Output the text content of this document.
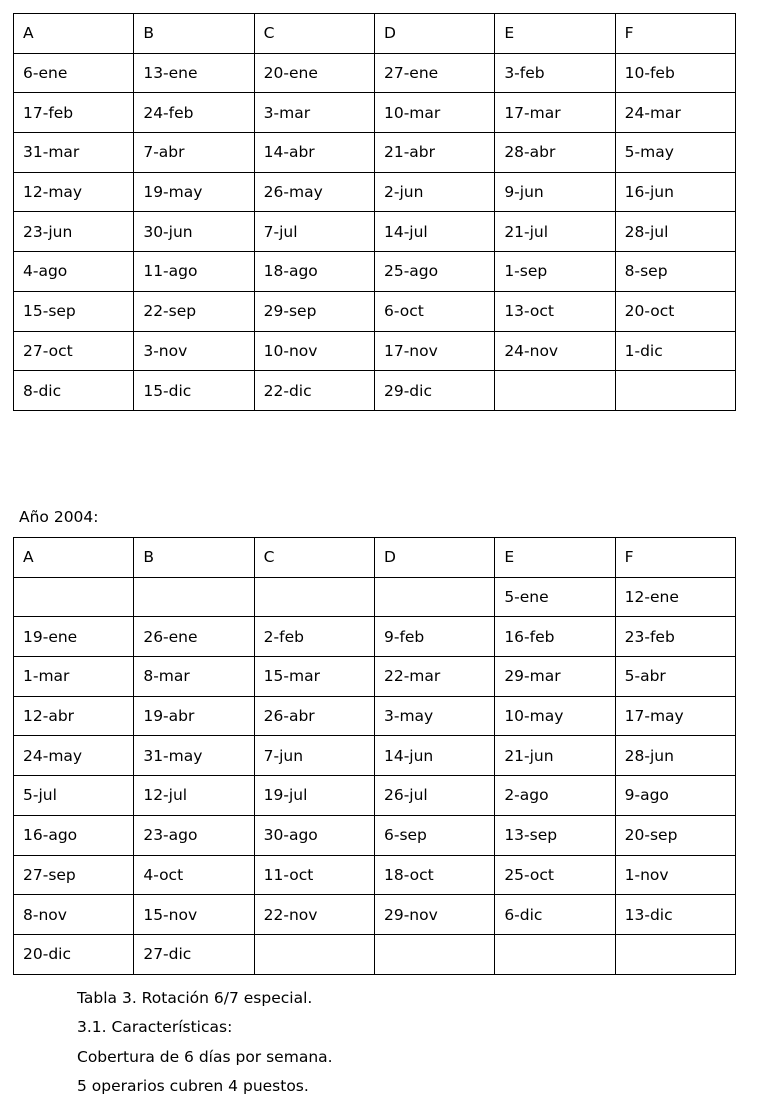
A	B	C	D	E	F
6-ene	13-ene	20-ene	27-ene	3-feb	10-feb
17-feb	24-feb	3-mar	10-mar	17-mar	24-mar
31-mar	7-abr	14-abr	21-abr	28-abr	5-may
12-may	19-may	26-may	2-jun	9-jun	16-jun
23-jun	30-jun	7-jul	14-jul	21-jul	28-jul
4-ago	11-ago	18-ago	25-ago	1-sep	8-sep
15-sep	22-sep	29-sep	6-oct	13-oct	20-oct
27-oct	3-nov	10-nov	17-nov	24-nov	1-dic
8-dic	15-dic	22-dic	29-dic		
Año 2004:
A	B	C	D	E	F
				5-ene	12-ene
19-ene	26-ene	2-feb	9-feb	16-feb	23-feb
1-mar	8-mar	15-mar	22-mar	29-mar	5-abr
12-abr	19-abr	26-abr	3-may	10-may	17-may
24-may	31-may	7-jun	14-jun	21-jun	28-jun
5-jul	12-jul	19-jul	26-jul	2-ago	9-ago
16-ago	23-ago	30-ago	6-sep	13-sep	20-sep
27-sep	4-oct	11-oct	18-oct	25-oct	1-nov
8-nov	15-nov	22-nov	29-nov	6-dic	13-dic
20-dic	27-dic				
Tabla 3. Rotación 6/7 especial.
3.1. Características:
Cobertura de 6 días por semana.
5 operarios cubren 4 puestos.
